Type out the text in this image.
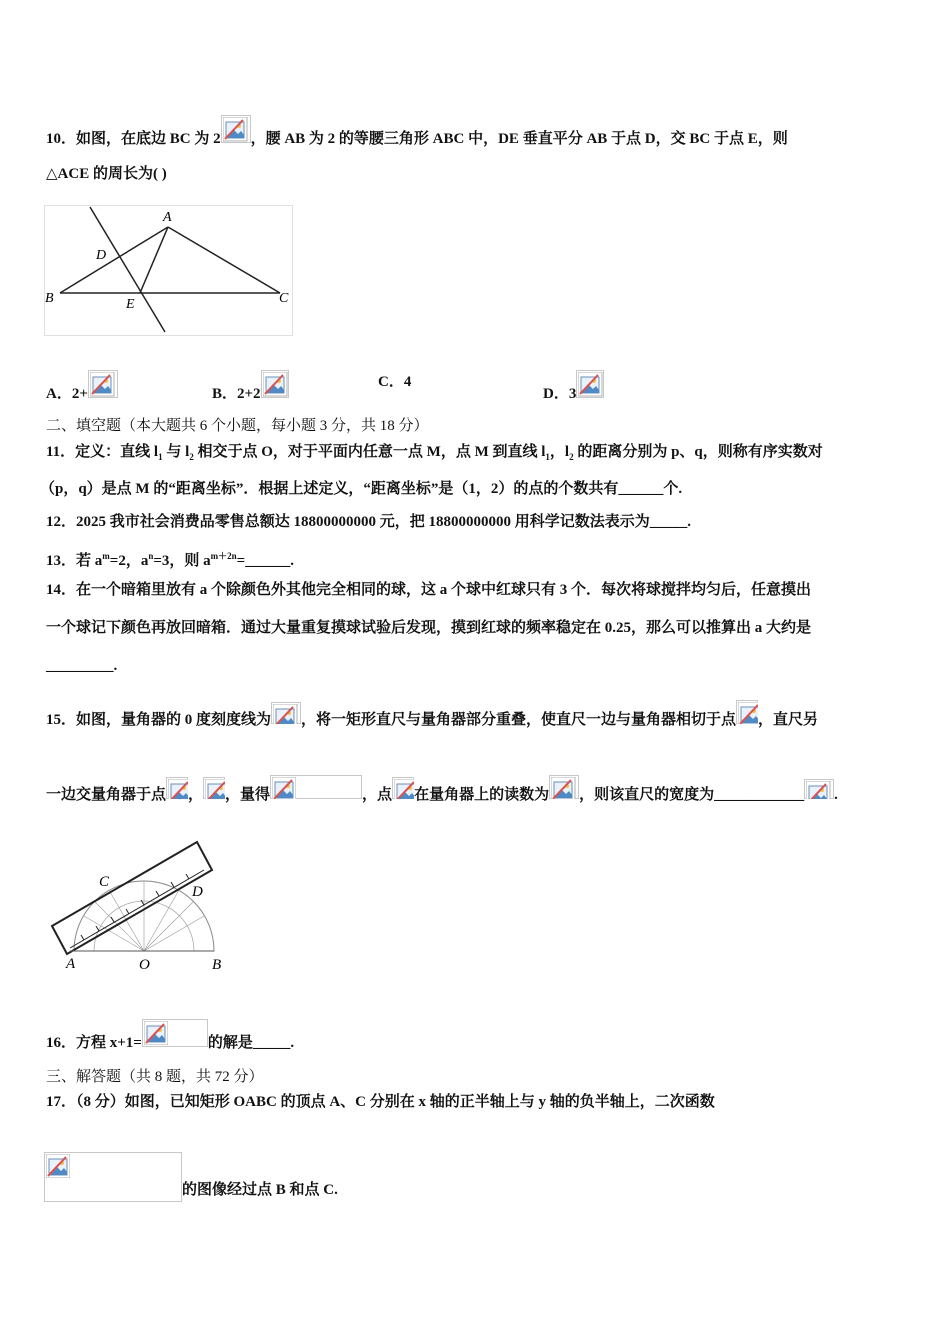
10．如图，在底边 BC 为 2 ，腰 AB 为 2 的等腰三角形 ABC 中，DE 垂直平分 AB 于点 D，交 BC 于点 E，则
△ACE 的周长为( )
A
D
B	E	C
A．2+	B．2+2
C．4
D．3
二、填空题（本大题共 6 个小题，每小题 3 分，共 18 分）
11．定义：直线 $l_1$ 与 $l_2$ 相交于点 O，对于平面内任意一点 M，点 M 到直线 $l_1$，$l_2$ 的距离分别为 p、q，则称有序实数对
（p，q）是点 M 的“距离坐标”．根据上述定义，“距离坐标”是（1，2）的点的个数共有______个.
12．2025 我市社会消费品零售总额达 18800000000 元，把 18800000000 用科学记数法表示为_____.
13．若 $a^m=2$，$a^n=3$，则 $a^{m+2n}=\_\_\_\_\_\_$.
14．在一个暗箱里放有 a 个除颜色外其他完全相同的球，这 a 个球中红球只有 3 个．每次将球搅拌均匀后，任意摸出
一个球记下颜色再放回暗箱．通过大量重复摸球试验后发现，摸到红球的频率稳定在 0.25，那么可以推算出 a 大约是
_________.
15．如图，量角器的 0 度刻度线为 ，将一矩形直尺与量角器部分重叠，使直尺一边与量角器相切于点 ，直尺另
一边交量角器于点 ， ，量得	，点 在量角器上的读数为 ，则该直尺的宽度为____________ .
C
D
A	O	B
16．方程 x+1=	的解是_____.
三、解答题（共 8 题，共 72 分）
17．（8 分）如图，已知矩形 OABC 的顶点 A、C 分别在 x 轴的正半轴上与 y 轴的负半轴上，二次函数
的图像经过点 B 和点 C.
